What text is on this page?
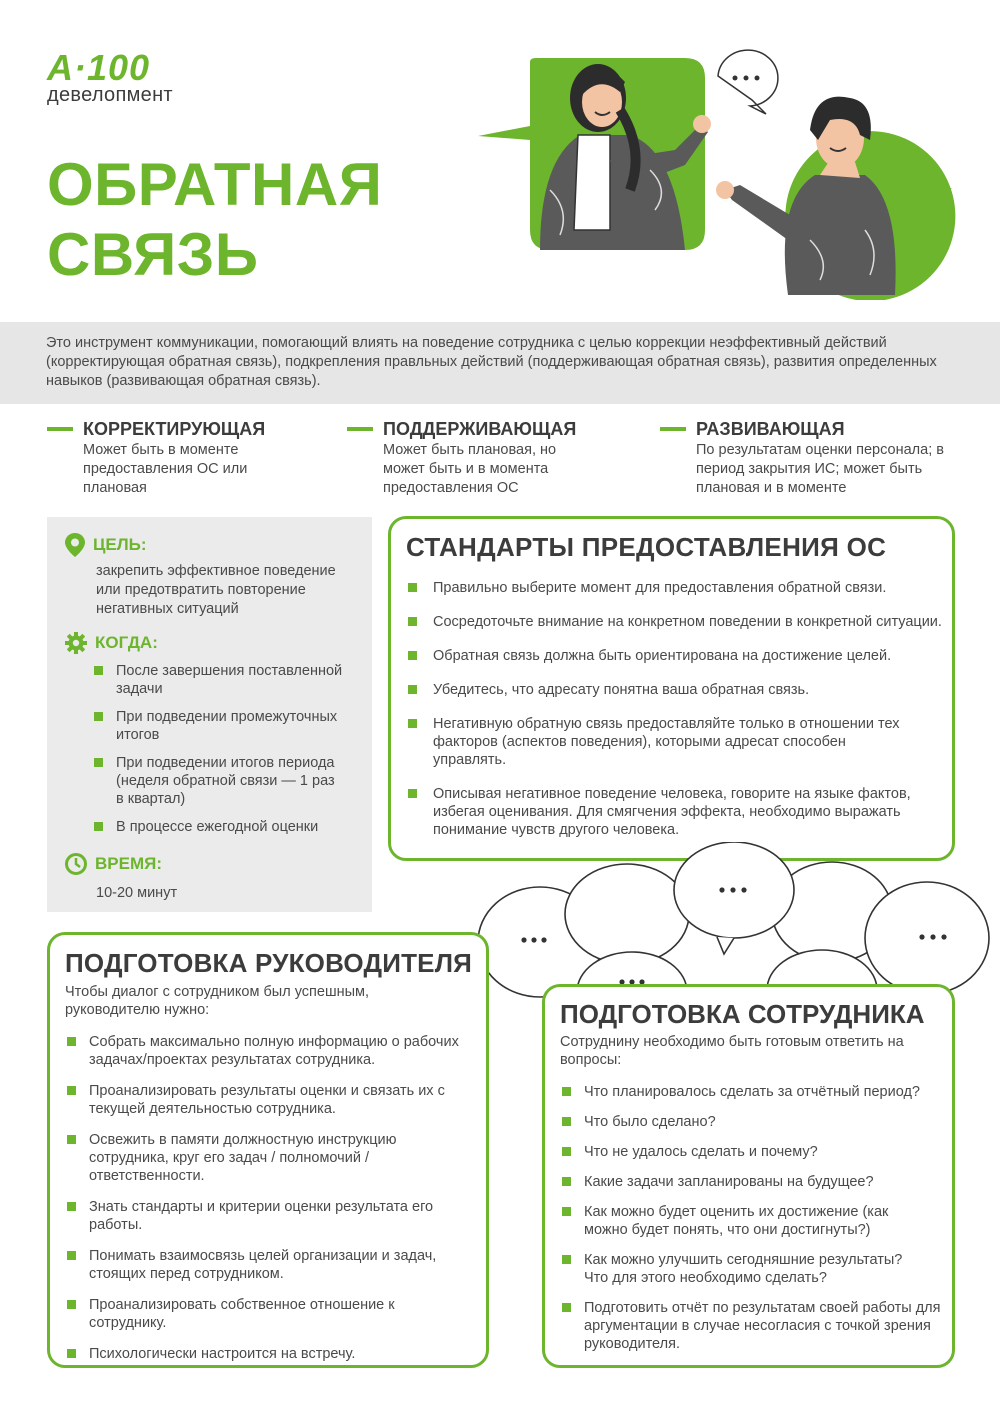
A·100
девелопмент
ОБРАТНАЯ
СВЯЗЬ
Это инструмент коммуникации, помогающий влиять на поведение сотрудника с целью коррекции неэффективный действий (корректирующая обратная связь), подкрепления правльных действий (поддерживающая обратная связь), развития определенных навыков (развивающая обратная связь).
КОРРЕКТИРУЮЩАЯ
Может быть в моменте предоставления ОС или плановая
ПОДДЕРЖИВАЮЩАЯ
Может быть плановая, но может быть и в момента предоставления ОС
РАЗВИВАЮЩАЯ
По результатам оценки персонала; в период закрытия ИС; может быть плановая и в моменте
ЦЕЛЬ:
закрепить эффективное поведение или предотвратить повторение негативных ситуаций
КОГДА:
После завершения поставленной задачи
При подведении промежуточных итогов
При подведении итогов периода (неделя обратной связи — 1 раз в квартал)
В процессе ежегодной оценки
ВРЕМЯ:
10-20 минут
СТАНДАРТЫ ПРЕДОСТАВЛЕНИЯ ОС
Правильно выберите момент для предоставления обратной связи.
Сосредоточьте внимание на конкретном поведении в конкретной ситуации.
Обратная связь должна быть ориентирована на достижение целей.
Убедитесь, что адресату понятна ваша обратная связь.
Негативную обратную связь предоставляйте только в отношении тех факторов (аспектов поведения), которыми адресат способен управлять.
Описывая негативное поведение человека, говорите на языке фактов, избегая оценивания. Для смягчения эффекта, необходимо выражать понимание чувств другого человека.
ПОДГОТОВКА РУКОВОДИТЕЛЯ
Чтобы диалог с сотрудником был успешным, руководителю нужно:
Собрать максимально полную информацию о рабочих задачах/проектах результатах сотрудника.
Проанализировать результаты оценки и связать их с текущей деятельностью сотрудника.
Освежить в памяти должностную инструкцию сотрудника, круг его задач / полномочий / ответственности.
Знать стандарты и критерии оценки результата его работы.
Понимать взаимосвязь целей организации и задач, стоящих перед сотрудником.
Проанализировать собственное отношение к сотруднику.
Психологически настроится на встречу.
ПОДГОТОВКА СОТРУДНИКА
Сотруднину необходимо быть готовым ответить на вопросы:
Что планировалось сделать за отчётный период?
Что было сделано?
Что не удалось сделать и почему?
Какие задачи запланированы на будущее?
Как можно будет оценить их достижение (как можно будет понять, что они достигнуты?)
Как можно улучшить сегодняшние результаты? Что для этого необходимо сделать?
Подготовить отчёт по результатам своей работы для аргументации в случае несогласия с точкой зрения руководителя.
